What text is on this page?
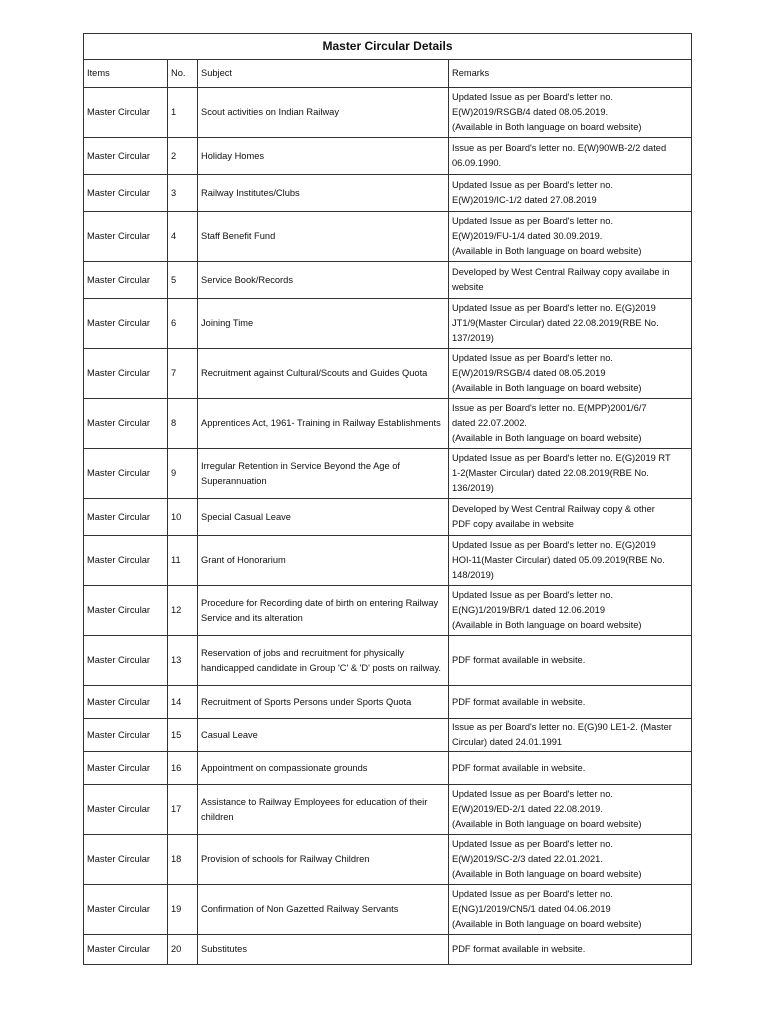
Master Circular Details			
Items	No.	Subject	Remarks
Master Circular	1	Scout activities on Indian Railway	Updated Issue as per Board's letter no.
E(W)2019/RSGB/4 dated 08.05.2019.
(Available in Both language on board website)

Master Circular	2	Holiday Homes	Issue as per Board's letter no. E(W)90WB-2/2 dated
06.09.1990.

Master Circular	3	Railway Institutes/Clubs	Updated Issue as per Board's letter no.
E(W)2019/IC-1/2 dated 27.08.2019

Master Circular	4	Staff Benefit Fund	Updated Issue as per Board's letter no.
E(W)2019/FU-1/4 dated 30.09.2019.
(Available in Both language on board website)

Master Circular	5	Service Book/Records	Developed by West Central Railway copy availabe in
website

Master Circular	6	Joining Time	Updated Issue as per Board's letter no. E(G)2019
JT1/9(Master Circular) dated 22.08.2019(RBE No.
137/2019)

Master Circular	7	Recruitment against Cultural/Scouts and Guides Quota	Updated Issue as per Board's letter no.
E(W)2019/RSGB/4 dated 08.05.2019
(Available in Both language on board website)

Master Circular	8	Apprentices Act, 1961- Training in Railway Establishments	Issue as per Board's letter no. E(MPP)2001/6/7
dated 22.07.2002.
(Available in Both language on board website)

Master Circular	9	Irregular Retention in Service Beyond the Age of Superannuation	Updated Issue as per Board's letter no. E(G)2019 RT
1-2(Master Circular) dated 22.08.2019(RBE No.
136/2019)

Master Circular	10	Special Casual Leave	Developed by West Central Railway copy & other
PDF copy availabe in website

Master Circular	11	Grant of Honorarium	Updated Issue as per Board's letter no. E(G)2019
HOI-11(Master Circular) dated 05.09.2019(RBE No.
148/2019)

Master Circular	12	Procedure for Recording date of birth on entering Railway Service and its alteration	Updated Issue as per Board's letter no.
E(NG)1/2019/BR/1 dated 12.06.2019
(Available in Both language on board website)

Master Circular	13	Reservation of jobs and recruitment for physically handicapped candidate in Group 'C' & 'D' posts on railway.	PDF format available in website.

Master Circular	14	Recruitment of Sports Persons under Sports Quota	PDF format available in website.

Master Circular	15	Casual Leave	Issue as per Board's letter no. E(G)90 LE1-2. (Master
Circular) dated 24.01.1991

Master Circular	16	Appointment on compassionate grounds	PDF format available in website.

Master Circular	17	Assistance to Railway Employees for education of their children	Updated Issue as per Board's letter no.
E(W)2019/ED-2/1 dated 22.08.2019.
(Available in Both language on board website)

Master Circular	18	Provision of schools for Railway Children	Updated Issue as per Board's letter no.
E(W)2019/SC-2/3 dated 22.01.2021.
(Available in Both language on board website)

Master Circular	19	Confirmation of Non Gazetted Railway Servants	Updated Issue as per Board's letter no.
E(NG)1/2019/CN5/1 dated 04.06.2019
(Available in Both language on board website)

Master Circular	20	Substitutes	PDF format available in website.
